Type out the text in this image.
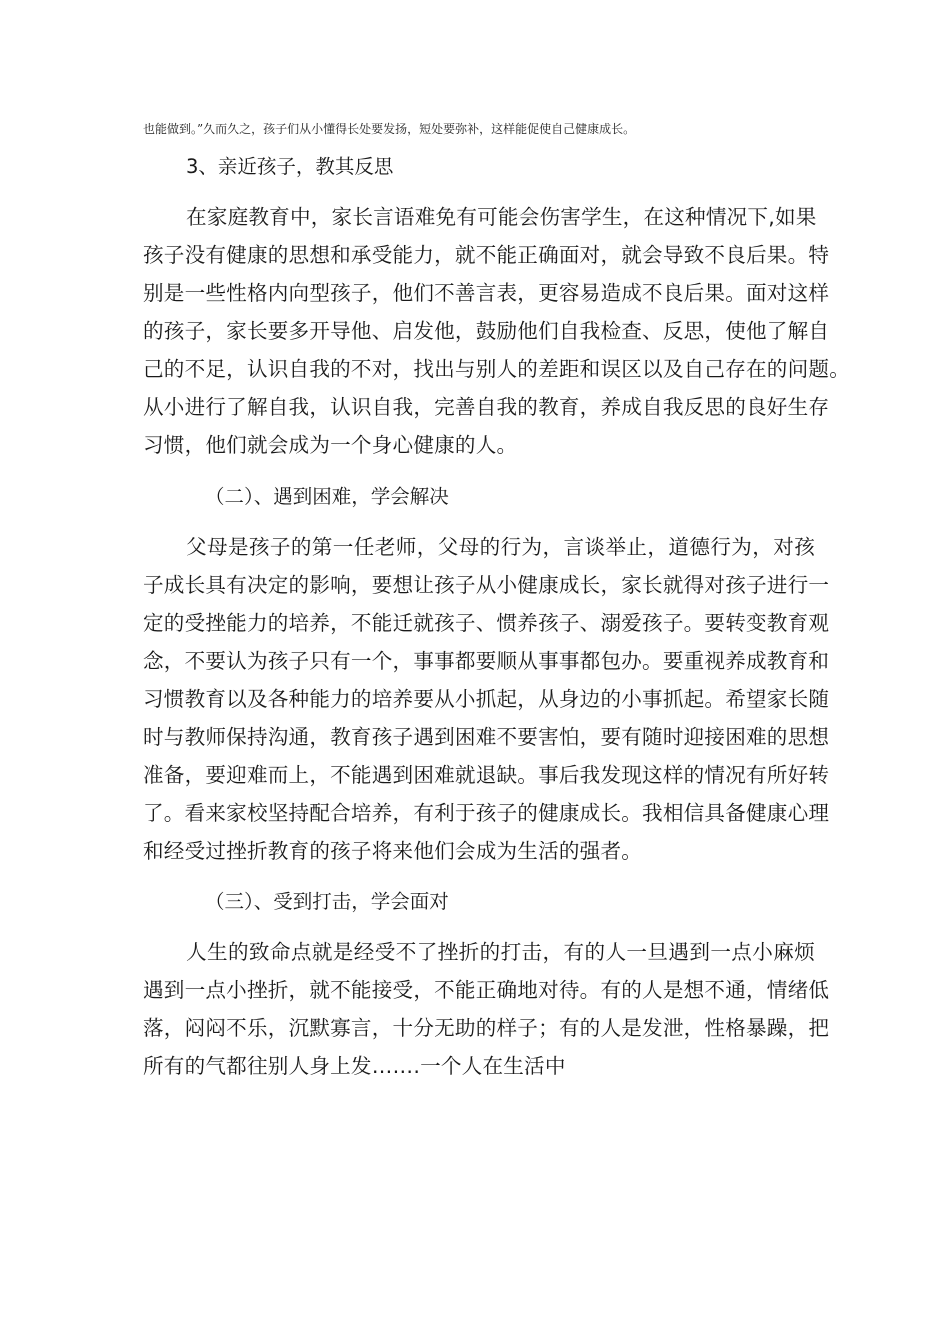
也能做到。”久而久之，孩子们从小懂得长处要发扬，短处要弥补，这样能促使自己健康成长。
3、亲近孩子，教其反思
在家庭教育中，家长言语难免有可能会伤害学生，在这种情况下,如果
孩子没有健康的思想和承受能力，就不能正确面对，就会导致不良后果。特
别是一些性格内向型孩子，他们不善言表，更容易造成不良后果。面对这样
的孩子，家长要多开导他、启发他，鼓励他们自我检查、反思，使他了解自
己的不足，认识自我的不对，找出与别人的差距和误区以及自己存在的问题。
从小进行了解自我，认识自我，完善自我的教育，养成自我反思的良好生存
习惯，他们就会成为一个身心健康的人。
（二）、遇到困难，学会解决
父母是孩子的第一任老师，父母的行为，言谈举止，道德行为，对孩
子成长具有决定的影响，要想让孩子从小健康成长，家长就得对孩子进行一
定的受挫能力的培养，不能迁就孩子、惯养孩子、溺爱孩子。要转变教育观
念，不要认为孩子只有一个，事事都要顺从事事都包办。要重视养成教育和
习惯教育以及各种能力的培养要从小抓起，从身边的小事抓起。希望家长随
时与教师保持沟通，教育孩子遇到困难不要害怕，要有随时迎接困难的思想
准备，要迎难而上，不能遇到困难就退缺。事后我发现这样的情况有所好转
了。看来家校坚持配合培养，有利于孩子的健康成长。我相信具备健康心理
和经受过挫折教育的孩子将来他们会成为生活的强者。
（三）、受到打击，学会面对
人生的致命点就是经受不了挫折的打击，有的人一旦遇到一点小麻烦
遇到一点小挫折，就不能接受，不能正确地对待。有的人是想不通，情绪低
落，闷闷不乐，沉默寡言，十分无助的样子；有的人是发泄，性格暴躁，把
所有的气都往别人身上发…….一个人在生活中
